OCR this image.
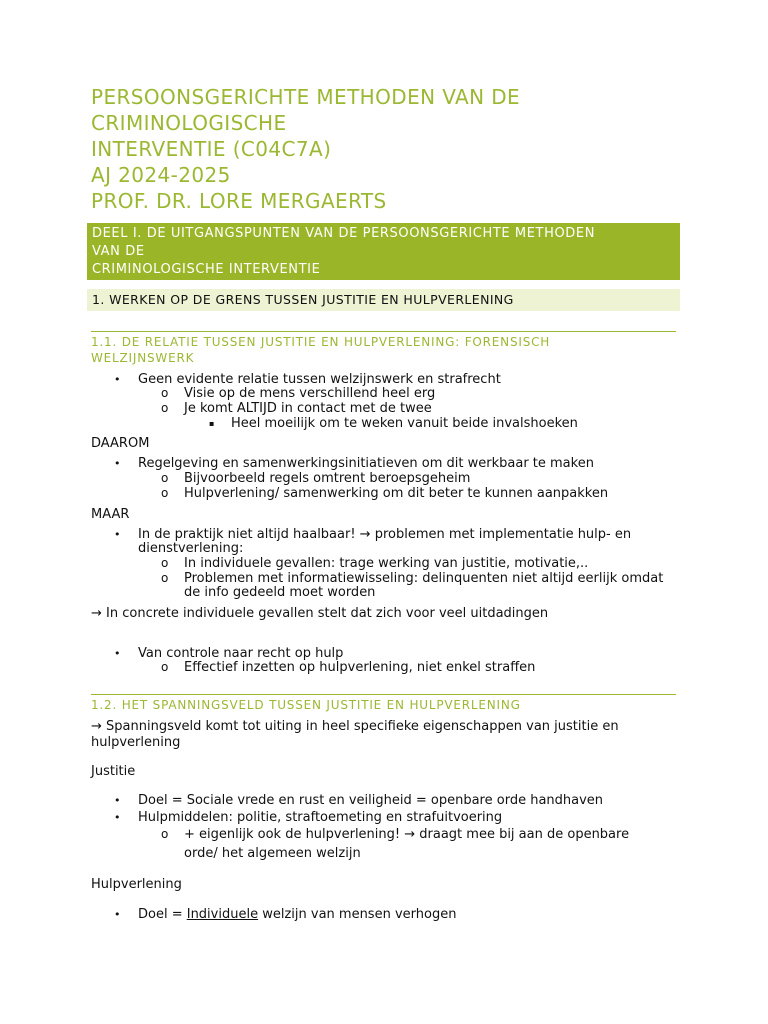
PERSOONSGERICHTE METHODEN VAN DE
CRIMINOLOGISCHE
INTERVENTIE (C04C7A)
AJ 2024-2025
PROF. DR. LORE MERGAERTS
DEEL I. DE UITGANGSPUNTEN VAN DE PERSOONSGERICHTE METHODEN
VAN DE
CRIMINOLOGISCHE INTERVENTIE
1. WERKEN OP DE GRENS TUSSEN JUSTITIE EN HULPVERLENING
1.1. DE RELATIE TUSSEN JUSTITIE EN HULPVERLENING: FORENSISCH
WELZIJNSWERK
• Geen evidente relatie tussen welzijnswerk en strafrecht
o Visie op de mens verschillend heel erg
o Je komt ALTIJD in contact met de twee
▪ Heel moeilijk om te weken vanuit beide invalshoeken
DAAROM
• Regelgeving en samenwerkingsinitiatieven om dit werkbaar te maken
o Bijvoorbeeld regels omtrent beroepsgeheim
o Hulpverlening/ samenwerking om dit beter te kunnen aanpakken
MAAR
• In de praktijk niet altijd haalbaar! → problemen met implementatie hulp- en
dienstverlening:
o In individuele gevallen: trage werking van justitie, motivatie,..
o Problemen met informatiewisseling: delinquenten niet altijd eerlijk omdat
de info gedeeld moet worden
→ In concrete individuele gevallen stelt dat zich voor veel uitdadingen
• Van controle naar recht op hulp
o Effectief inzetten op hulpverlening, niet enkel straffen
1.2. HET SPANNINGSVELD TUSSEN JUSTITIE EN HULPVERLENING
→ Spanningsveld komt tot uiting in heel specifieke eigenschappen van justitie en
hulpverlening
Justitie
• Doel = Sociale vrede en rust en veiligheid = openbare orde handhaven
• Hulpmiddelen: politie, straftoemeting en strafuitvoering
o + eigenlijk ook de hulpverlening! → draagt mee bij aan de openbare
orde/ het algemeen welzijn
Hulpverlening
• Doel = Individuele welzijn van mensen verhogen
